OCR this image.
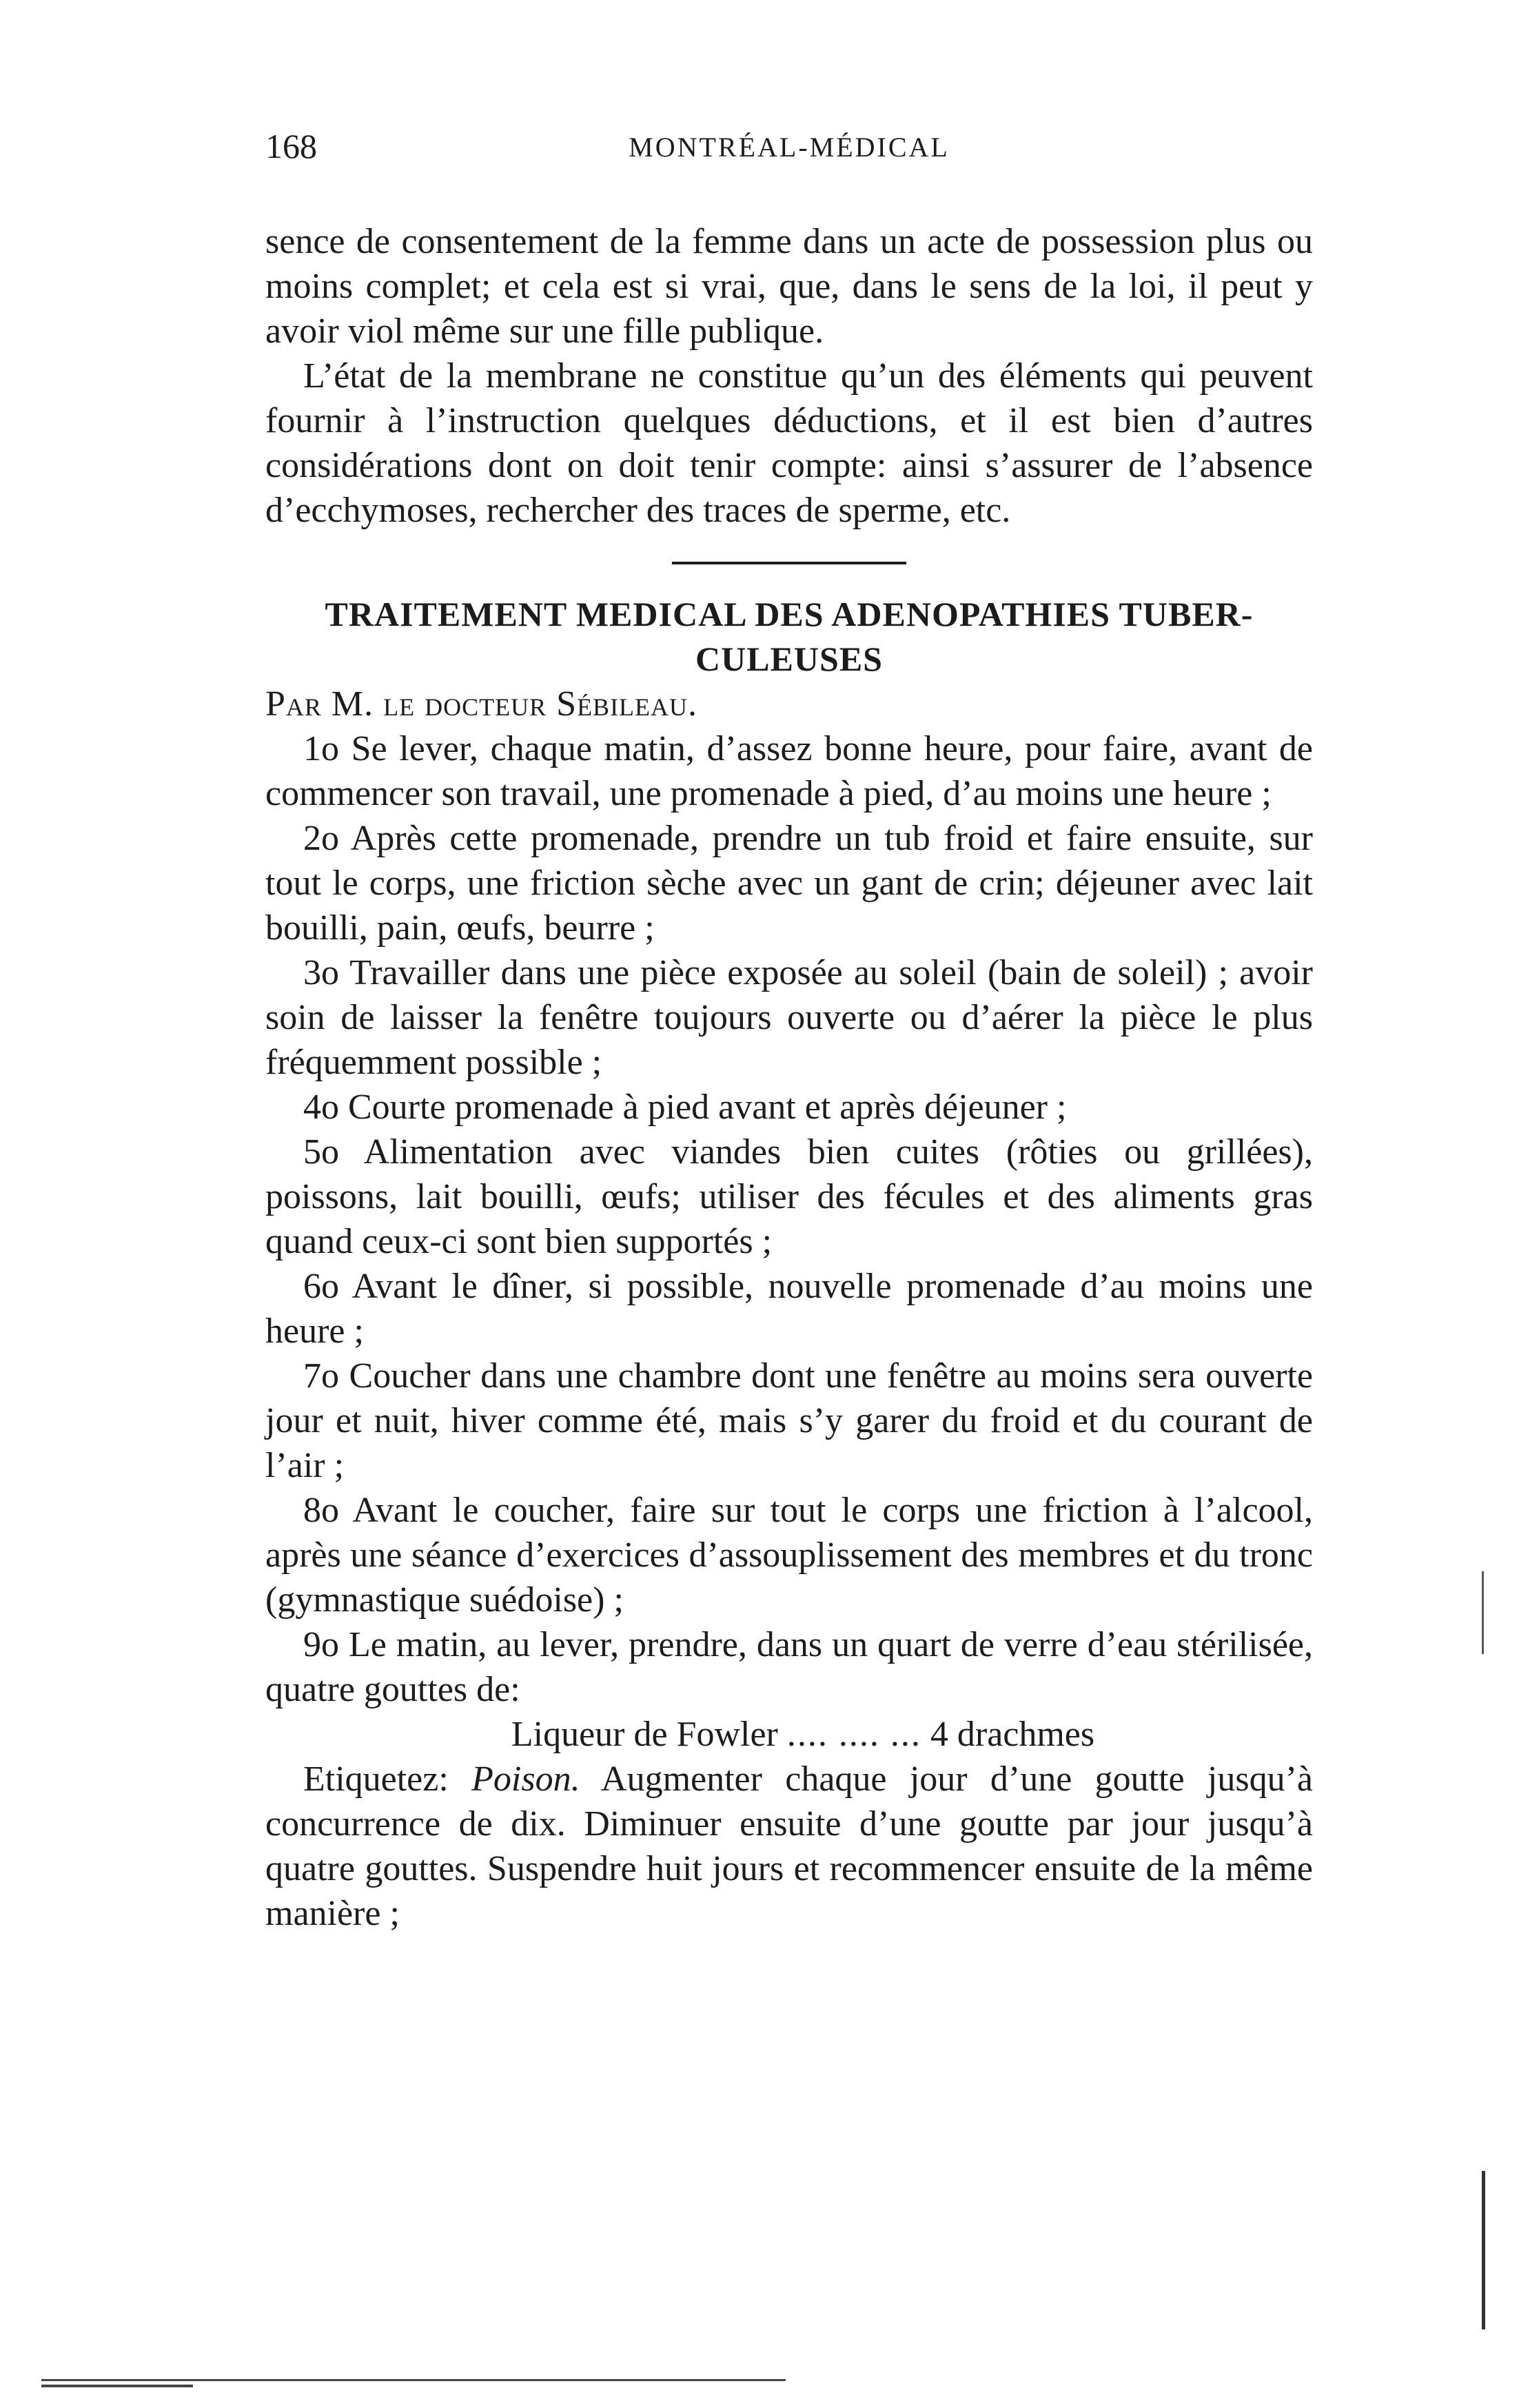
168	MONTRÉAL-MÉDICAL

sence de consentement de la femme dans un acte de possession plus ou moins complet; et cela est si vrai, que, dans le sens de la loi, il peut y avoir viol même sur une fille publique.

L’état de la membrane ne constitue qu’un des éléments qui peuvent fournir à l’instruction quelques déductions, et il est bien d’autres considérations dont on doit tenir compte: ainsi s’assurer de l’absence d’ecchymoses, rechercher des traces de sperme, etc.

TRAITEMENT MEDICAL DES ADENOPATHIES TUBER-
CULEUSES

Par M. le docteur Sébileau.

1o Se lever, chaque matin, d’assez bonne heure, pour faire, avant de commencer son travail, une promenade à pied, d’au moins une heure ;

2o Après cette promenade, prendre un tub froid et faire ensuite, sur tout le corps, une friction sèche avec un gant de crin; déjeuner avec lait bouilli, pain, œufs, beurre ;

3o Travailler dans une pièce exposée au soleil (bain de soleil) ; avoir soin de laisser la fenêtre toujours ouverte ou d’aérer la pièce le plus fréquemment possible ;

4o Courte promenade à pied avant et après déjeuner ;

5o Alimentation avec viandes bien cuites (rôties ou grillées), poissons, lait bouilli, œufs; utiliser des fécules et des aliments gras quand ceux-ci sont bien supportés ;

6o Avant le dîner, si possible, nouvelle promenade d’au moins une heure ;

7o Coucher dans une chambre dont une fenêtre au moins sera ouverte jour et nuit, hiver comme été, mais s’y garer du froid et du courant de l’air ;

8o Avant le coucher, faire sur tout le corps une friction à l’alcool, après une séance d’exercices d’assouplissement des membres et du tronc (gymnastique suédoise) ;

9o Le matin, au lever, prendre, dans un quart de verre d’eau stérilisée, quatre gouttes de:

Liqueur de Fowler .... .... ... 4 drachmes

Etiquetez: Poison. Augmenter chaque jour d’une goutte jusqu’à concurrence de dix. Diminuer ensuite d’une goutte par jour jusqu’à quatre gouttes. Suspendre huit jours et recommencer ensuite de la même manière ;
